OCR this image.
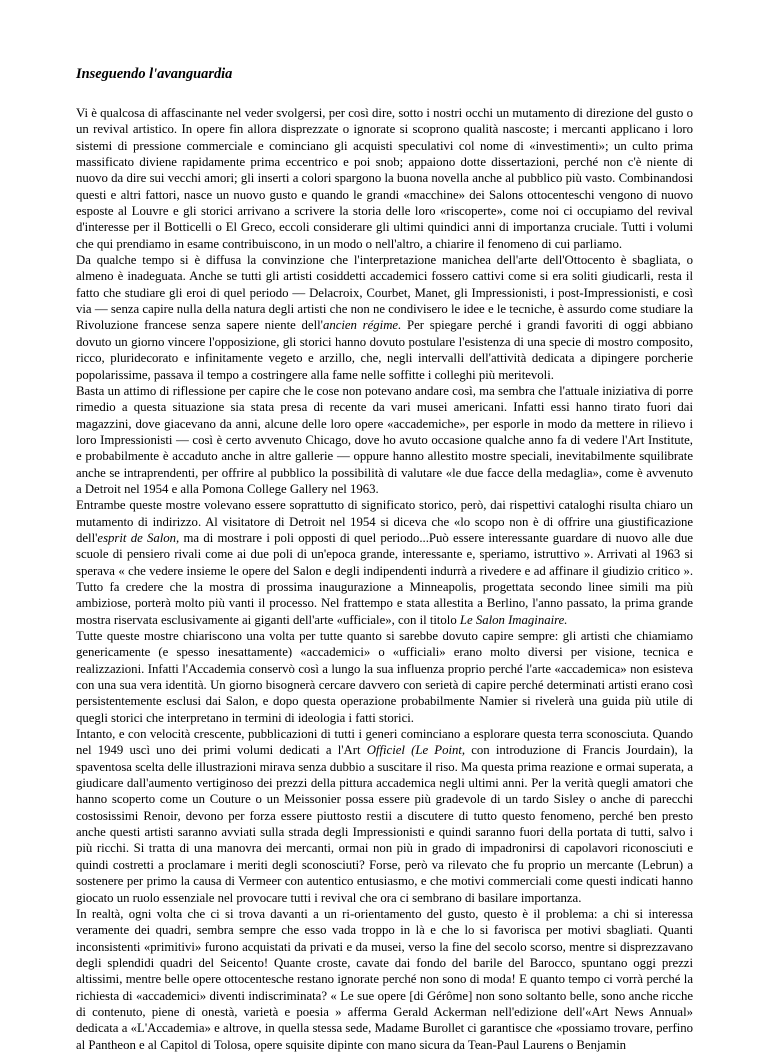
Inseguendo l'avanguardia

Vi è qualcosa di affascinante nel veder svolgersi, per così dire, sotto i nostri occhi un mutamento di direzione del gusto o un revival artistico. In opere fin allora disprezzate o ignorate si scoprono qualità nascoste; i mercanti applicano i loro sistemi di pressione commerciale e cominciano gli acquisti speculativi col nome di «investimenti»; un culto prima massificato diviene rapidamente prima eccentrico e poi snob; appaiono dotte dissertazioni, perché non c'è niente di nuovo da dire sui vecchi amori; gli inserti a colori spargono la buona novella anche al pubblico più vasto. Combinandosi questi e altri fattori, nasce un nuovo gusto e quando le grandi «macchine» dei Salons ottocenteschi vengono di nuovo esposte al Louvre e gli storici arrivano a scrivere la storia delle loro «riscoperte», come noi ci occupiamo del revival d'interesse per il Botticelli o El Greco, eccoli considerare gli ultimi quindici anni di importanza cruciale. Tutti i volumi che qui prendiamo in esame contribuiscono, in un modo o nell'altro, a chiarire il fenomeno di cui parliamo.

Da qualche tempo si è diffusa la convinzione che l'interpretazione manichea dell'arte dell'Ottocento è sbagliata, o almeno è inadeguata. Anche se tutti gli artisti cosiddetti accademici fossero cattivi come si era soliti giudicarli, resta il fatto che studiare gli eroi di quel periodo — Delacroix, Courbet, Manet, gli Impressionisti, i post-Impressionisti, e così via — senza capire nulla della natura degli artisti che non ne condivisero le idee e le tecniche, è assurdo come studiare la Rivoluzione francese senza sapere niente dell'ancien régime. Per spiegare perché i grandi favoriti di oggi abbiano dovuto un giorno vincere l'opposizione, gli storici hanno dovuto postulare l'esistenza di una specie di mostro composito, ricco, pluridecorato e infinitamente vegeto e arzillo, che, negli intervalli dell'attività dedicata a dipingere porcherie popolarissime, passava il tempo a costringere alla fame nelle soffitte i colleghi più meritevoli.

Basta un attimo di riflessione per capire che le cose non potevano andare così, ma sembra che l'attuale iniziativa di porre rimedio a questa situazione sia stata presa di recente da vari musei americani. Infatti essi hanno tirato fuori dai magazzini, dove giacevano da anni, alcune delle loro opere «accademiche», per esporle in modo da mettere in rilievo i loro Impressionisti — così è certo avvenuto Chicago, dove ho avuto occasione qualche anno fa di vedere l'Art Institute, e probabilmente è accaduto anche in altre gallerie — oppure hanno allestito mostre speciali, inevitabilmente squilibrate anche se intraprendenti, per offrire al pubblico la possibilità di valutare «le due facce della medaglia», come è avvenuto a Detroit nel 1954 e alla Pomona College Gallery nel 1963.

Entrambe queste mostre volevano essere soprattutto di significato storico, però, dai rispettivi cataloghi risulta chiaro un mutamento di indirizzo. Al visitatore di Detroit nel 1954 si diceva che «lo scopo non è di offrire una giustificazione dell'esprit de Salon, ma di mostrare i poli opposti di quel periodo...Può essere interessante guardare di nuovo alle due scuole di pensiero rivali come ai due poli di un'epoca grande, interessante e, speriamo, istruttivo ». Arrivati al 1963 si sperava « che vedere insieme le opere del Salon e degli indipendenti indurrà a rivedere e ad affinare il giudizio critico ». Tutto fa credere che la mostra di prossima inaugurazione a Minneapolis, progettata secondo linee simili ma più ambiziose, porterà molto più vanti il processo. Nel frattempo e stata allestita a Berlino, l'anno passato, la prima grande mostra riservata esclusivamente ai giganti dell'arte «ufficiale», con il titolo Le Salon Imaginaire.

Tutte queste mostre chiariscono una volta per tutte quanto si sarebbe dovuto capire sempre: gli artisti che chiamiamo genericamente (e spesso inesattamente) «accademici» o «ufficiali» erano molto diversi per visione, tecnica e realizzazioni. Infatti l'Accademia conservò così a lungo la sua influenza proprio perché l'arte «accademica» non esisteva con una sua vera identità. Un giorno bisognerà cercare davvero con serietà di capire perché determinati artisti erano così persistentemente esclusi dai Salon, e dopo questa operazione probabilmente Namier si rivelerà una guida più utile di quegli storici che interpretano in termini di ideologia i fatti storici.

Intanto, e con velocità crescente, pubblicazioni di tutti i generi cominciano a esplorare questa terra sconosciuta. Quando nel 1949 uscì uno dei primi volumi dedicati a l'Art Officiel (Le Point, con introduzione di Francis Jourdain), la spaventosa scelta delle illustrazioni mirava senza dubbio a suscitare il riso. Ma questa prima reazione e ormai superata, a giudicare dall'aumento vertiginoso dei prezzi della pittura accademica negli ultimi anni. Per la verità quegli amatori che hanno scoperto come un Couture o un Meissonier possa essere più gradevole di un tardo Sisley o anche di parecchi costosissimi Renoir, devono per forza essere piuttosto restii a discutere di tutto questo fenomeno, perché ben presto anche questi artisti saranno avviati sulla strada degli Impressionisti e quindi saranno fuori della portata di tutti, salvo i più ricchi. Si tratta di una manovra dei mercanti, ormai non più in grado di impadronirsi di capolavori riconosciuti e quindi costretti a proclamare i meriti degli sconosciuti? Forse, però va rilevato che fu proprio un mercante (Lebrun) a sostenere per primo la causa di Vermeer con autentico entusiasmo, e che motivi commerciali come questi indicati hanno giocato un ruolo essenziale nel provocare tutti i revival che ora ci sembrano di basilare importanza.

In realtà, ogni volta che ci si trova davanti a un ri-orientamento del gusto, questo è il problema: a chi si interessa veramente dei quadri, sembra sempre che esso vada troppo in là e che lo si favorisca per motivi sbagliati. Quanti inconsistenti «primitivi» furono acquistati da privati e da musei, verso la fine del secolo scorso, mentre si disprezzavano degli splendidi quadri del Seicento! Quante croste, cavate dai fondo del barile del Barocco, spuntano oggi prezzi altissimi, mentre belle opere ottocentesche restano ignorate perché non sono di moda! E quanto tempo ci vorrà perché la richiesta di «accademici» diventi indiscriminata? « Le sue opere [di Gérôme] non sono soltanto belle, sono anche ricche di contenuto, piene di onestà, varietà e poesia » afferma Gerald Ackerman nell'edizione dell'«Art News Annual» dedicata a «L'Accademia» e altrove, in quella stessa sede, Madame Burollet ci garantisce che «possiamo trovare, perfino al Pantheon e al Capitol di Tolosa, opere squisite dipinte con mano sicura da Tean-Paul Laurens o Benjamin
